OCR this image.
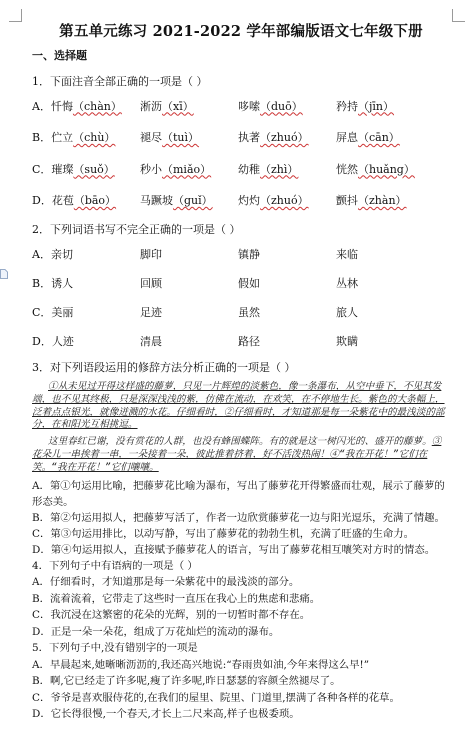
第五单元练习 2021-2022 学年部编版语文七年级下册
一、选择题
1．下面注音全部正确的一项是（ ）
A．忏悔（chàn）	淅沥（xī）	哆嗦（duō）	矜持（jīn）
B．伫立（chù）	褪尽（tuì）	执著（zhuó）	屏息（cān）
C．璀璨（suǒ）	秒小（miǎo）	幼稚（zhì）	恍然（huǎng）
D．花苞（bāo）	马蹶坡（guǐ）	灼灼（zhuó）	颤抖（zhàn）
2．下列词语书写不完全正确的一项是（ ）
A．亲切	脚印	镇静	来临
B．诱人	回顾	假如	丛林
C．美丽	足迹	虽然	旅人
D．人迹	清晨	路径	欺瞒
3．对下列语段运用的修辞方法分析正确的一项是（ ）

①从未见过开得这样盛的藤萝，只见一片辉煌的淡紫色，像一条瀑布，从空中垂下，不见其发端，也不见其终极，只是深深浅浅的紫，仿佛在流动，在欢笑，在不停地生长。紫色的大条幅上，泛着点点银光，就像迸溅的水花。仔细看时，②仔细看时，才知道那是每一朵紫花中的最浅淡的部分，在和阳光互相挑逗。

这里春红已谢，没有赏花的人群，也没有蜂围蝶阵。有的就是这一树闪光的、盛开的藤萝。③花朵儿一串挨着一串，一朵接着一朵，彼此推着挤着，好不活泼热闹！④“我在开花！”它们在笑。“我在开花！”它们嚷嚷。

A．第①句运用比喻，把藤萝花比喻为瀑布，写出了藤萝花开得繁盛而壮观，展示了藤萝的形态美。

B．第②句运用拟人，把藤萝写活了，作者一边欣赏藤萝花一边与阳光逗乐，充满了情趣。

C．第③句运用排比，以动写静，写出了藤萝花的勃勃生机，充满了旺盛的生命力。

D．第④句运用拟人，直接赋予藤萝花人的语言，写出了藤萝花相互嚷笑对方时的情态。

4．下列句子中有语病的一项是（ ）

A．仔细看时，才知道那是每一朵紫花中的最浅淡的部分。

B．流着流着，它带走了这些时一直压在我心上的焦虑和悲痛。

C．我沉浸在这繁密的花朵的光辉，别的一切暂时都不存在。

D．正是一朵一朵花，组成了万花灿烂的流动的瀑布。

5．下列句子中,没有错别字的一项是

A．早晨起来,她晰晰沥沥的,我还高兴地说:“春雨贵如油,今年来得这么早!”

B．啊,它已经走了许多呢,瘦了许多呢,昨日瑟瑟的容颜全然褪尽了。

C．爷爷是喜欢服侍花的,在我们的屋里、院里、门道里,摆满了各种各样的花草。

D．它长得很慢,一个春天,才长上二尺来高,样子也极委琐。
